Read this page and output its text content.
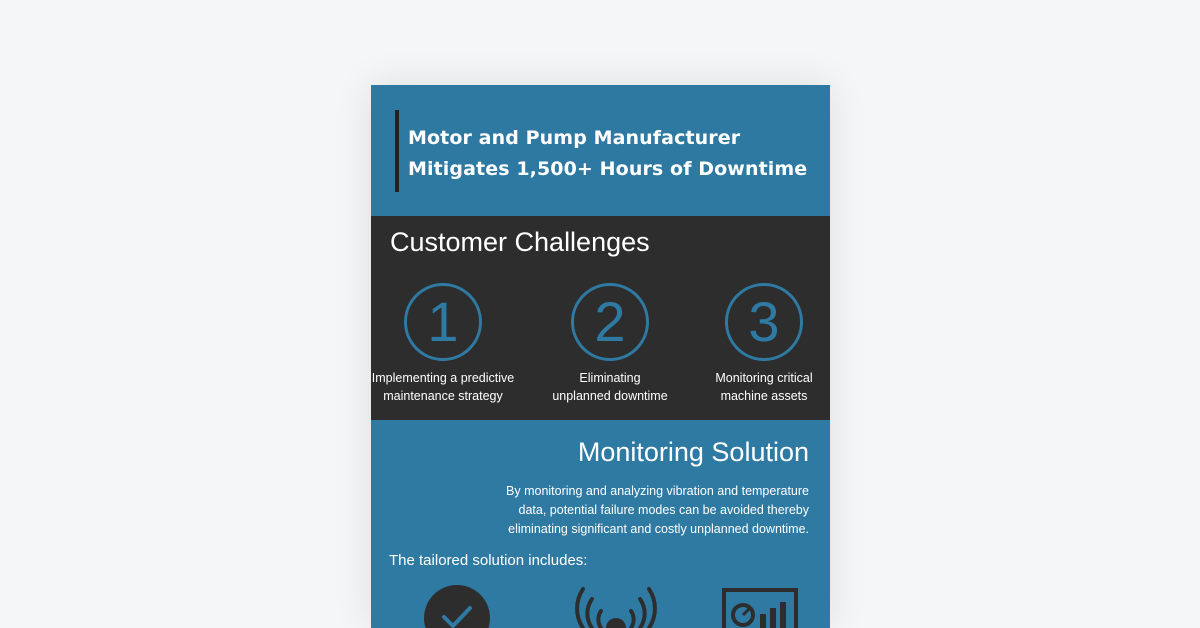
Motor and Pump Manufacturer
Mitigates 1,500+ Hours of Downtime
Customer Challenges
1
Implementing a predictive
maintenance strategy
2
Eliminating
unplanned downtime
3
Monitoring critical
machine assets
Monitoring Solution
By monitoring and analyzing vibration and temperature
data, potential failure modes can be avoided thereby
eliminating significant and costly unplanned downtime.
The tailored solution includes:
